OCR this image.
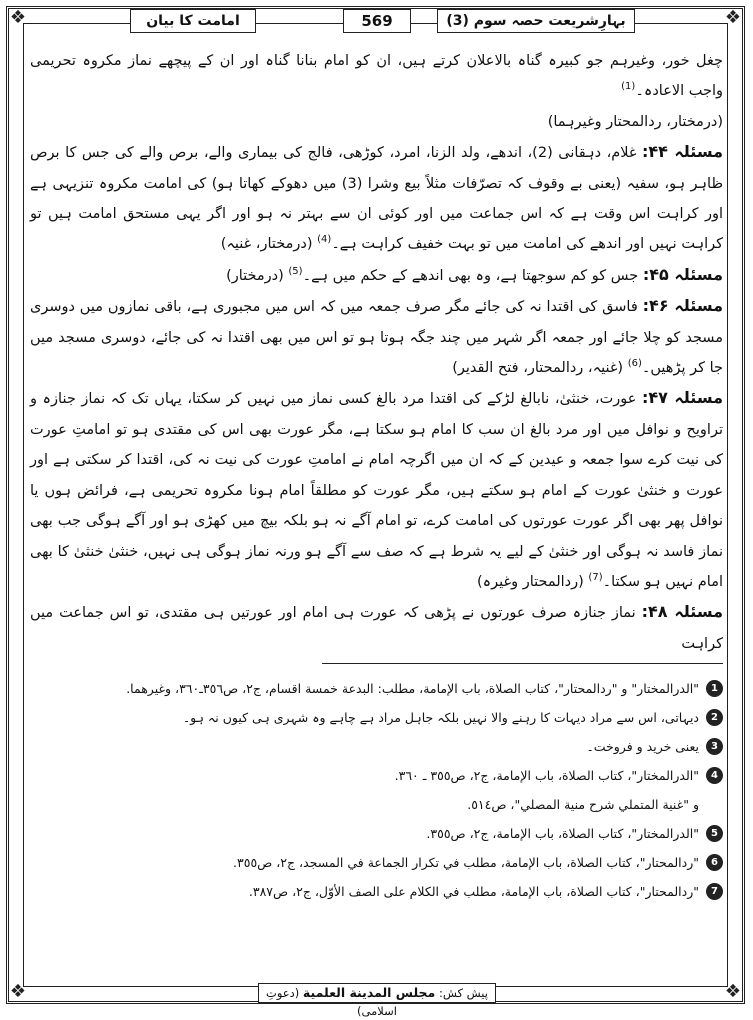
❖	❖
❖	❖
بہارِشریعت حصہ سوم (3)
569
امامت کا بیان

چغل خور، وغیرہم جو کبیرہ گناہ بالاعلان کرتے ہیں، ان کو امام بنانا گناہ اور ان کے پیچھے نماز مکروہ تحریمی واجب الاعادہ۔$^{(1)}$

(درمختار، ردالمحتار وغیرہما)

مسئلہ ۴۴: غلام، دہقانی (2)، اندھے، ولد الزنا، امرد، کوڑھی، فالج کی بیماری والے، برص والے کی جس کا برص ظاہر ہو، سفیہ (یعنی بے وقوف کہ تصرّفات مثلاً بیع وشرا (3) میں دھوکے کھاتا ہو) کی امامت مکروہ تنزیہی ہے اور کراہت اس وقت ہے کہ اس جماعت میں اور کوئی ان سے بہتر نہ ہو اور اگر یہی مستحق امامت ہیں تو کراہت نہیں اور اندھے کی امامت میں تو بہت خفیف کراہت ہے۔$^{(4)}$ (درمختار، غنیہ)

مسئلہ ۴۵: جس کو کم سوجھتا ہے، وہ بھی اندھے کے حکم میں ہے۔$^{(5)}$ (درمختار)

مسئلہ ۴۶: فاسق کی اقتدا نہ کی جائے مگر صرف جمعہ میں کہ اس میں مجبوری ہے، باقی نمازوں میں دوسری مسجد کو چلا جائے اور جمعہ اگر شہر میں چند جگہ ہوتا ہو تو اس میں بھی اقتدا نہ کی جائے، دوسری مسجد میں جا کر پڑھیں۔$^{(6)}$ (غنیہ، ردالمحتار، فتح القدیر)

مسئلہ ۴۷: عورت، خنثیٰ، نابالغ لڑکے کی اقتدا مرد بالغ کسی نماز میں نہیں کر سکتا، یہاں تک کہ نماز جنازہ و تراویح و نوافل میں اور مرد بالغ ان سب کا امام ہو سکتا ہے، مگر عورت بھی اس کی مقتدی ہو تو امامتِ عورت کی نیت کرے سوا جمعہ و عیدین کے کہ ان میں اگرچہ امام نے امامتِ عورت کی نیت نہ کی، اقتدا کر سکتی ہے اور عورت و خنثیٰ عورت کے امام ہو سکتے ہیں، مگر عورت کو مطلقاً امام ہونا مکروہ تحریمی ہے، فرائض ہوں یا نوافل پھر بھی اگر عورت عورتوں کی امامت کرے، تو امام آگے نہ ہو بلکہ بیچ میں کھڑی ہو اور آگے ہوگی جب بھی نماز فاسد نہ ہوگی اور خنثیٰ کے لیے یہ شرط ہے کہ صف سے آگے ہو ورنہ نماز ہوگی ہی نہیں، خنثیٰ خنثیٰ کا بھی امام نہیں ہو سکتا۔$^{(7)}$ (ردالمحتار وغیرہ)

مسئلہ ۴۸: نماز جنازہ صرف عورتوں نے پڑھی کہ عورت ہی امام اور عورتیں ہی مقتدی، تو اس جماعت میں کراہت

1
"الدرالمختار" و "ردالمحتار"، كتاب الصلاة، باب الإمامة، مطلب: البدعة خمسة اقسام، ج٢، ص٣٥٦ـ٣٦٠، وغيرهما.
2
دیہاتی، اس سے مراد دیہات کا رہنے والا نہیں بلکہ جاہل مراد ہے چاہے وہ شہری ہی کیوں نہ ہو۔
3
یعنی خرید و فروخت۔
4
"الدرالمختار"، كتاب الصلاة، باب الإمامة، ج٢، ص٣٥٥ ـ ٣٦٠.
و "غنية المتملي شرح منية المصلي"، ص٥١٤.
5
"الدرالمختار"، كتاب الصلاة، باب الإمامة، ج٢، ص٣٥٥.
6
"ردالمحتار"، كتاب الصلاة، باب الإمامة، مطلب في تكرار الجماعة في المسجد، ج٢، ص٣٥٥.
7
"ردالمحتار"، كتاب الصلاة، باب الإمامة، مطلب في الكلام على الصف الأوّل، ج٢، ص٣٨٧.
پیش کش: مجلس المدينة العلمية (دعوتِ اسلامی)
